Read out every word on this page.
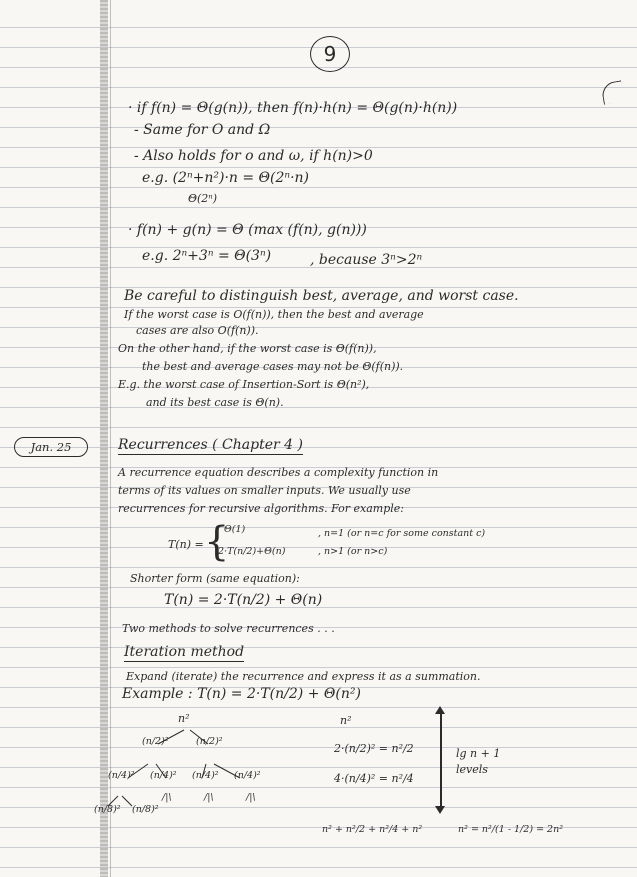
9
· if f(n) = Θ(g(n)), then f(n)·h(n) = Θ(g(n)·h(n))
- Same for O and Ω
- Also holds for o and ω, if h(n)>0
e.g. (2ⁿ+n²)·n = Θ(2ⁿ·n)
Θ(2ⁿ)
· f(n) + g(n) = Θ (max (f(n), g(n)))
e.g. 2ⁿ+3ⁿ = Θ(3ⁿ)	, because 3ⁿ>2ⁿ
Be careful to distinguish best, average, and worst case.
If the worst case is O(f(n)), then the best and average
cases are also O(f(n)).
On the other hand, if the worst case is Θ(f(n)),
the best and average cases may not be Θ(f(n)).
E.g. the worst case of Insertion-Sort is Θ(n²),
and its best case is Θ(n).
Jan. 25	Recurrences ( Chapter 4 )
A recurrence equation describes a complexity function in
terms of its values on smaller inputs. We usually use
recurrences for recursive algorithms. For example:
T(n) = {
Θ(1)	, n=1 (or n=c for some constant c)
2·T(n/2)+Θ(n)	, n>1 (or n>c)
Shorter form (same equation):
T(n) = 2·T(n/2) + Θ(n)
Two methods to solve recurrences . . .
Iteration method
Expand (iterate) the recurrence and express it as a summation.
Example : T(n) = 2·T(n/2) + Θ(n²)
n²
(n/2)²	(n/2)²
(n/4)² (n/4)² (n/4)² (n/4)²
(n/8)² (n/8)²
/|\	/|\	/|\
n²
2·(n/2)² = n²/2
4·(n/4)² = n²/4
lg n + 1 levels
n² + n²/2 + n²/4 + n²	n² = n²/(1 - 1/2) = 2n²
